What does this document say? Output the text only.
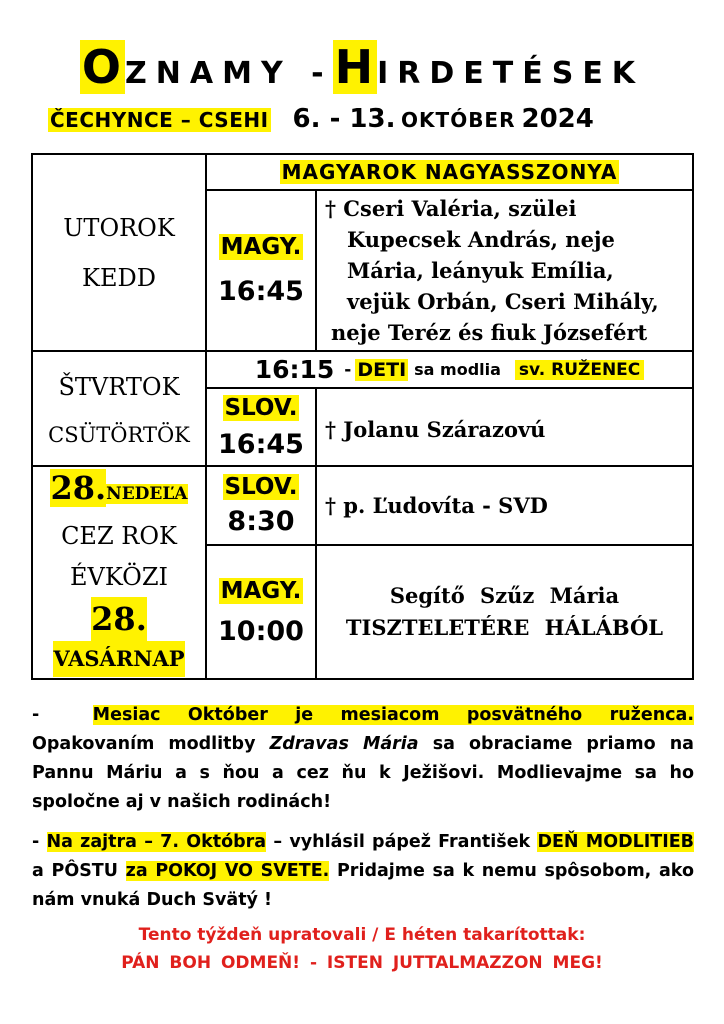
OZNAMY -HIRDETÉSEK
ČECHYNCE – CSEHI 6. - 13. OKTÓBER 2024
MAGYAROK NAGYASSZONYA
UTOROK
KEDD
MAGY.
16:45
† Cseri Valéria, szülei
Kupecsek András, neje
Mária, leányuk Emília,
vejük Orbán, Cseri Mihály,
neje Teréz és fiuk Józsefért
ŠTVRTOK
CSÜTÖRTÖK
16:15 - DETI sa modlia sv. RUŽENEC
SLOV.
16:45 † Jolanu Szárazovú
28.NEDEĽA
CEZ ROK
ÉVKÖZI
28.
VASÁRNAP
SLOV.
8:30
† p. Ľudovíta - SVD
MAGY.
10:00
Segítő Szűz Mária
TISZTELETÉRE HÁLÁBÓL
-	Mesiac Október je mesiacom posvätného ruženca. Opakovaním modlitby Zdravas Mária sa obraciame priamo na Pannu Máriu a s ňou a cez ňu k Ježišovi. Modlievajme sa ho spoločne aj v našich rodinách!
- Na zajtra – 7. Októbra – vyhlásil pápež František DEŇ MODLITIEB a PÔSTU za POKOJ VO SVETE. Pridajme sa k nemu spôsobom, ako nám vnuká Duch Svätý !
Tento týždeň upratovali / E héten takarítottak:
PÁN BOH ODMEŇ! - ISTEN JUTTALMAZZON MEG!
